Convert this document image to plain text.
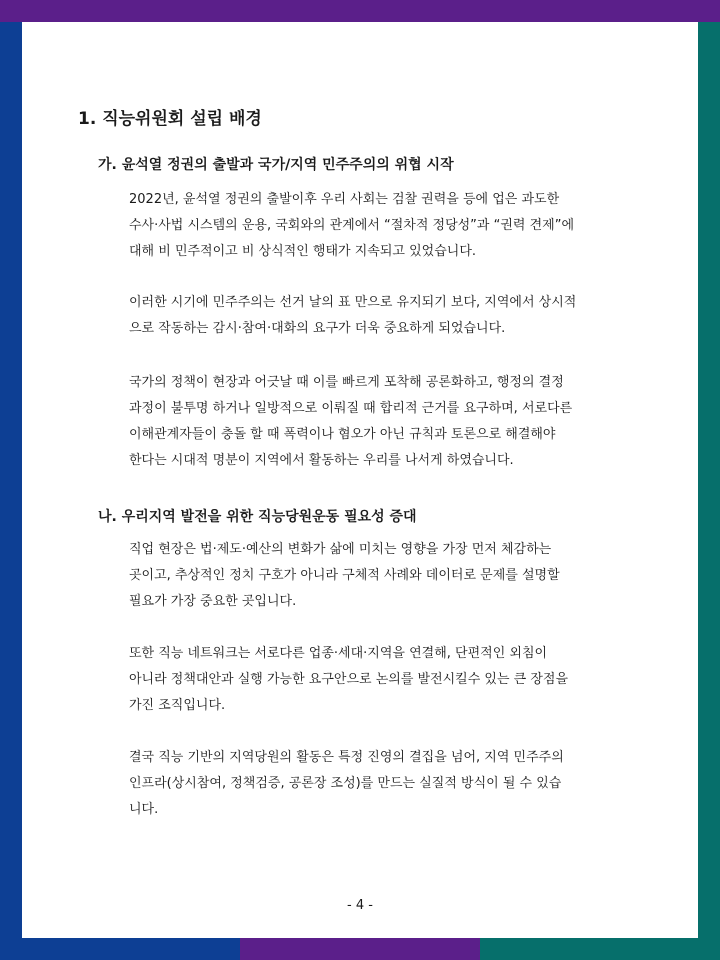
1. 직능위원회 설립 배경
가. 윤석열 정권의 출발과 국가/지역 민주주의의 위협 시작

2022년, 윤석열 정권의 출발이후 우리 사회는 검찰 권력을 등에 업은 과도한
수사·사법 시스템의 운용, 국회와의 관계에서 “절차적 정당성”과 “권력 견제”에
대해 비 민주적이고 비 상식적인 행태가 지속되고 있었습니다.

이러한 시기에 민주주의는 선거 날의 표 만으로 유지되기 보다, 지역에서 상시적
으로 작동하는 감시·참여·대화의 요구가 더욱 중요하게 되었습니다.

국가의 정책이 현장과 어긋날 때 이를 빠르게 포착해 공론화하고, 행정의 결정
과정이 불투명 하거나 일방적으로 이뤄질 때 합리적 근거를 요구하며, 서로다른
이해관계자들이 충돌 할 때 폭력이나 혐오가 아닌 규칙과 토론으로 해결해야
한다는 시대적 명분이 지역에서 활동하는 우리를 나서게 하였습니다.

나. 우리지역 발전을 위한 직능당원운동 필요성 증대

직업 현장은 법·제도·예산의 변화가 삶에 미치는 영향을 가장 먼저 체감하는
곳이고, 추상적인 정치 구호가 아니라 구체적 사례와 데이터로 문제를 설명할
필요가 가장 중요한 곳입니다.

또한 직능 네트워크는 서로다른 업종·세대·지역을 연결해, 단편적인 외침이
아니라 정책대안과 실행 가능한 요구안으로 논의를 발전시킬수 있는 큰 장점을
가진 조직입니다.

결국 직능 기반의 지역당원의 활동은 특정 진영의 결집을 넘어, 지역 민주주의
인프라(상시참여, 정책검증, 공론장 조성)를 만드는 실질적 방식이 될 수 있습
니다.

- 4 -
